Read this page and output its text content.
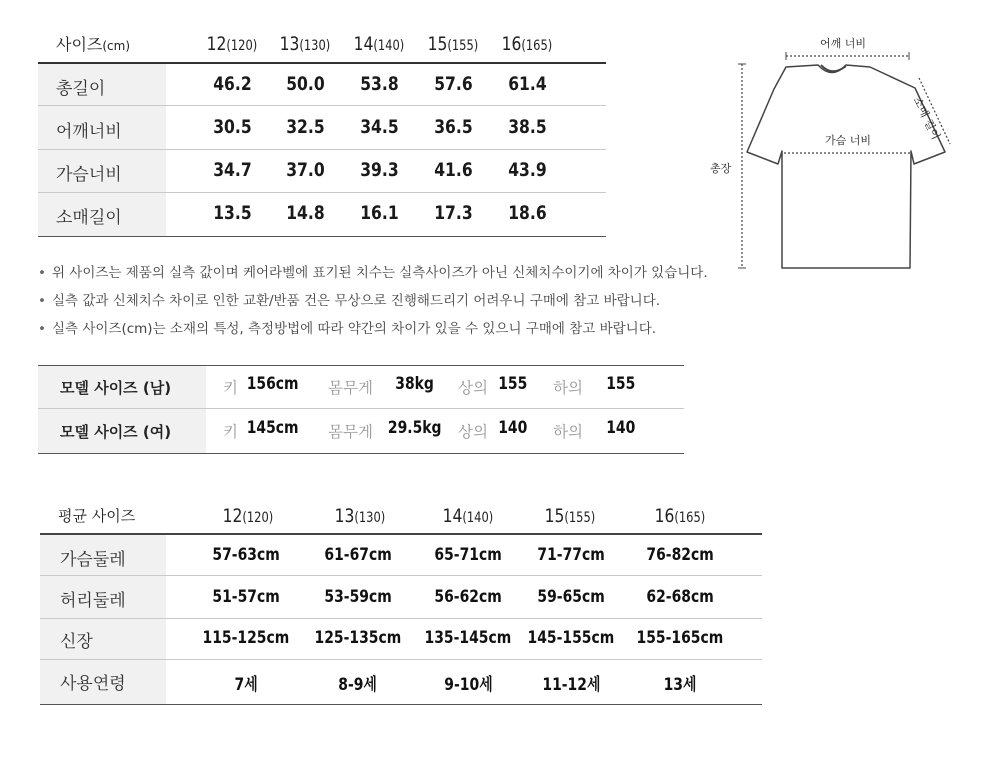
사이즈(cm)	12(120)	13(130)	14(140)	15(155)	16(165)
총길이	46.2	50.0	53.8	57.6	61.4
어깨너비	30.5	32.5	34.5	36.5	38.5
가슴너비	34.7	37.0	39.3	41.6	43.9
소매길이	13.5	14.8	16.1	17.3	18.6
어깨 너비
가슴 너비
총장
소매 길이
• 위 사이즈는 제품의 실측 값이며 케어라벨에 표기된 치수는 실측사이즈가 아닌 신체치수이기에 차이가 있습니다.
• 실측 값과 신체치수 차이로 인한 교환/반품 건은 무상으로 진행해드리기 어려우니 구매에 참고 바랍니다.
• 실측 사이즈(cm)는 소재의 특성, 측정방법에 따라 약간의 차이가 있을 수 있으니 구매에 참고 바랍니다.
모델 사이즈 (남)	키 156cm	몸무게	38kg	상의 155	하의	155
모델 사이즈 (여)	키 145cm	몸무게 29.5kg	상의 140	하의	140
평균 사이즈	12(120)	13(130)	14(140)	15(155)	16(165)
가슴둘레	57-63cm	61-67cm	65-71cm	71-77cm	76-82cm
허리둘레	51-57cm	53-59cm	56-62cm	59-65cm	62-68cm
신장	115-125cm	125-135cm	135-145cm 145-155cm	155-165cm
사용연령	7세	8-9세	9-10세	11-12세	13세
